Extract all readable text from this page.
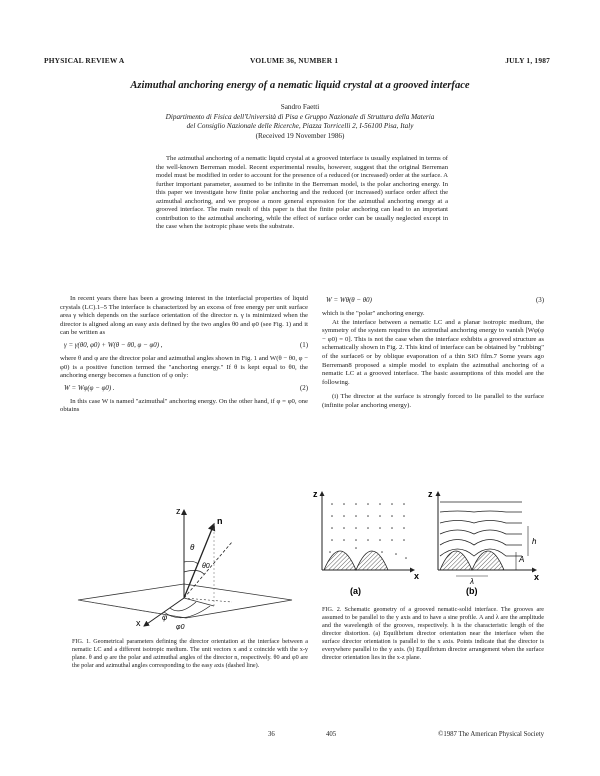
PHYSICAL REVIEW A	VOLUME 36, NUMBER 1	JULY 1, 1987
Azimuthal anchoring energy of a nematic liquid crystal at a grooved interface
Sandro Faetti
Dipartimento di Fisica dell'Università di Pisa e Gruppo Nazionale di Struttura della Materia
del Consiglio Nazionale delle Ricerche, Piazza Torricelli 2, I-56100 Pisa, Italy
(Received 19 November 1986)
The azimuthal anchoring of a nematic liquid crystal at a grooved interface is usually explained in terms of the well-known Berreman model. Recent experimental results, however, suggest that the original Berreman model must be modified in order to account for the presence of a reduced (or increased) order at the surface. A further important parameter, assumed to be infinite in the Berreman model, is the polar anchoring energy. In this paper we investigate how finite polar anchoring and the reduced (or increased) surface order affect the azimuthal anchoring, and we propose a more general expression for the azimuthal anchoring energy at a grooved interface. The main result of this paper is that the finite polar anchoring can lead to an important contribution to the azimuthal anchoring, while the effect of surface order can be usually neglected except in the case when the isotropic phase wets the substrate.

In recent years there has been a growing interest in the interfacial properties of liquid crystals (LC).1–5 The interface is characterized by an excess of free energy per unit surface area γ which depends on the surface orientation of the director n. γ is minimized when the director is aligned along an easy axis defined by the two angles θ0 and φ0 (see Fig. 1) and it can be written as

γ = γ(θ0, φ0) + W(θ − θ0, φ − φ0) ,	(1)

where θ and φ are the director polar and azimuthal angles shown in Fig. 1 and W(θ − θ0, φ − φ0) is a positive function termed the "anchoring energy." If θ is kept equal to θ0, the anchoring energy becomes a function of φ only:

W = Wφ(φ − φ0) .	(2)

In this case W is named "azimuthal" anchoring energy. On the other hand, if φ = φ0, one obtains

z
n
θ
θ0
x
φ
φ0
FIG. 1. Geometrical parameters defining the director orientation at the interface between a nematic LC and a different isotropic medium. The unit vectors x and z coincide with the x-y plane. θ and φ are the polar and azimuthal angles of the director n, respectively. θ0 and φ0 are the polar and azimuthal angles corresponding to the easy axis (dashed line).
W = Wθ(θ − θ0)	(3)

which is the "polar" anchoring energy.

At the interface between a nematic LC and a planar isotropic medium, the symmetry of the system requires the azimuthal anchoring energy to vanish [Wφ(φ − φ0) = 0]. This is not the case when the interface exhibits a grooved structure as schematically shown in Fig. 2. This kind of interface can be obtained by "rubbing" of the surface6 or by oblique evaporation of a thin SiO film.7 Some years ago Berreman8 proposed a simple model to explain the azimuthal anchoring of a nematic LC at a grooved interface. The basic assumptions of this model are the following.

(i) The director at the surface is strongly forced to lie parallel to the surface (infinite polar anchoring energy).

z
x
(a)
z
x
h
A
λ
(b)
FIG. 2. Schematic geometry of a grooved nematic-solid interface. The grooves are assumed to be parallel to the y axis and to have a sine profile. A and λ are the amplitude and the wavelength of the grooves, respectively. h is the characteristic length of the director distortion. (a) Equilibrium director orientation near the interface when the surface director orientation is parallel to the x axis. Points indicate that the director is everywhere parallel to the y axis. (b) Equilibrium director arrangement when the surface director orientation lies in the x-z plane.
36	405	©1987 The American Physical Society
